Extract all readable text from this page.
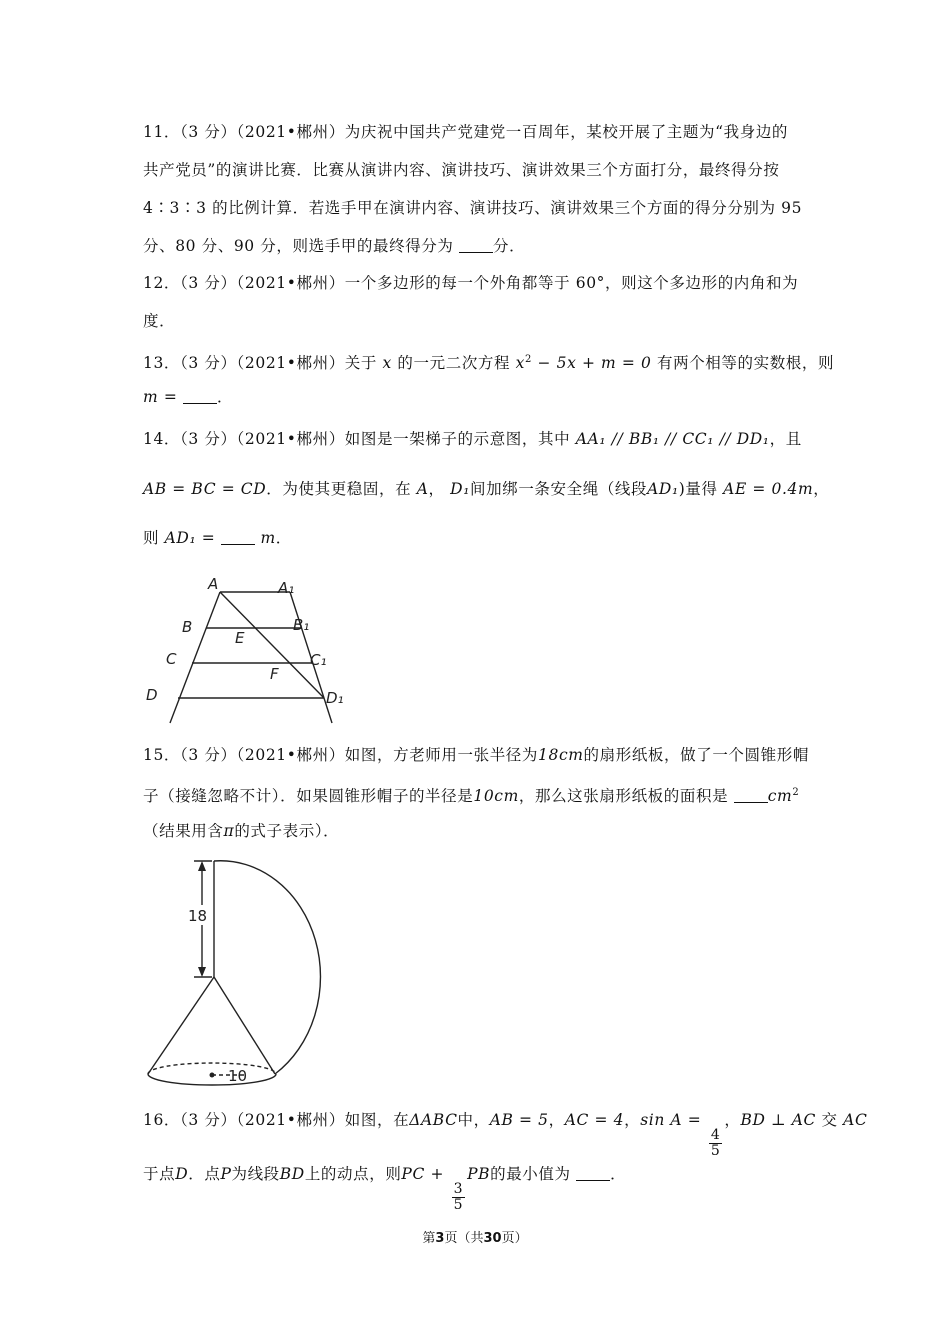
11．（3 分）（2021•郴州）为庆祝中国共产党建党一百周年，某校开展了主题为“我身边的
共产党员”的演讲比赛．比赛从演讲内容、演讲技巧、演讲效果三个方面打分，最终得分按
4∶3∶3 的比例计算．若选手甲在演讲内容、演讲技巧、演讲效果三个方面的得分分别为 95
分、80 分、90 分，则选手甲的最终得分为	分．
12．（3 分）（2021•郴州）一个多边形的每一个外角都等于 60°，则这个多边形的内角和为
度．
13．（3 分）（2021•郴州）关于 x 的一元二次方程 $x^2 - 5x + m = 0$ 有两个相等的实数根，则
m = ．
14．（3 分）（2021•郴州）如图是一架梯子的示意图，其中 AA₁ // BB₁ // CC₁ // DD₁，且
AB = BC = CD．为使其更稳固，在 A， D₁间加绑一条安全绳（线段AD₁)量得 AE = 0.4m，
则 AD₁ =	m．
A	A₁
B	B₁
C	C₁
D	D₁
E
F
15．（3 分）（2021•郴州）如图，方老师用一张半径为18cm的扇形纸板，做了一个圆锥形帽
子（接缝忽略不计）．如果圆锥形帽子的半径是10cm，那么这张扇形纸板的面积是	$cm^2$
（结果用含π的式子表示）．
18
10
16．（3 分）（2021•郴州）如图，在ΔABC中，AB = 5，AC = 4，sin A =
$\frac{4}{5}$
，BD ⊥ AC 交 AC
于点D．点P为线段BD上的动点，则PC +
$\frac{3}{5}$
PB的最小值为	．
第3页（共30页）
